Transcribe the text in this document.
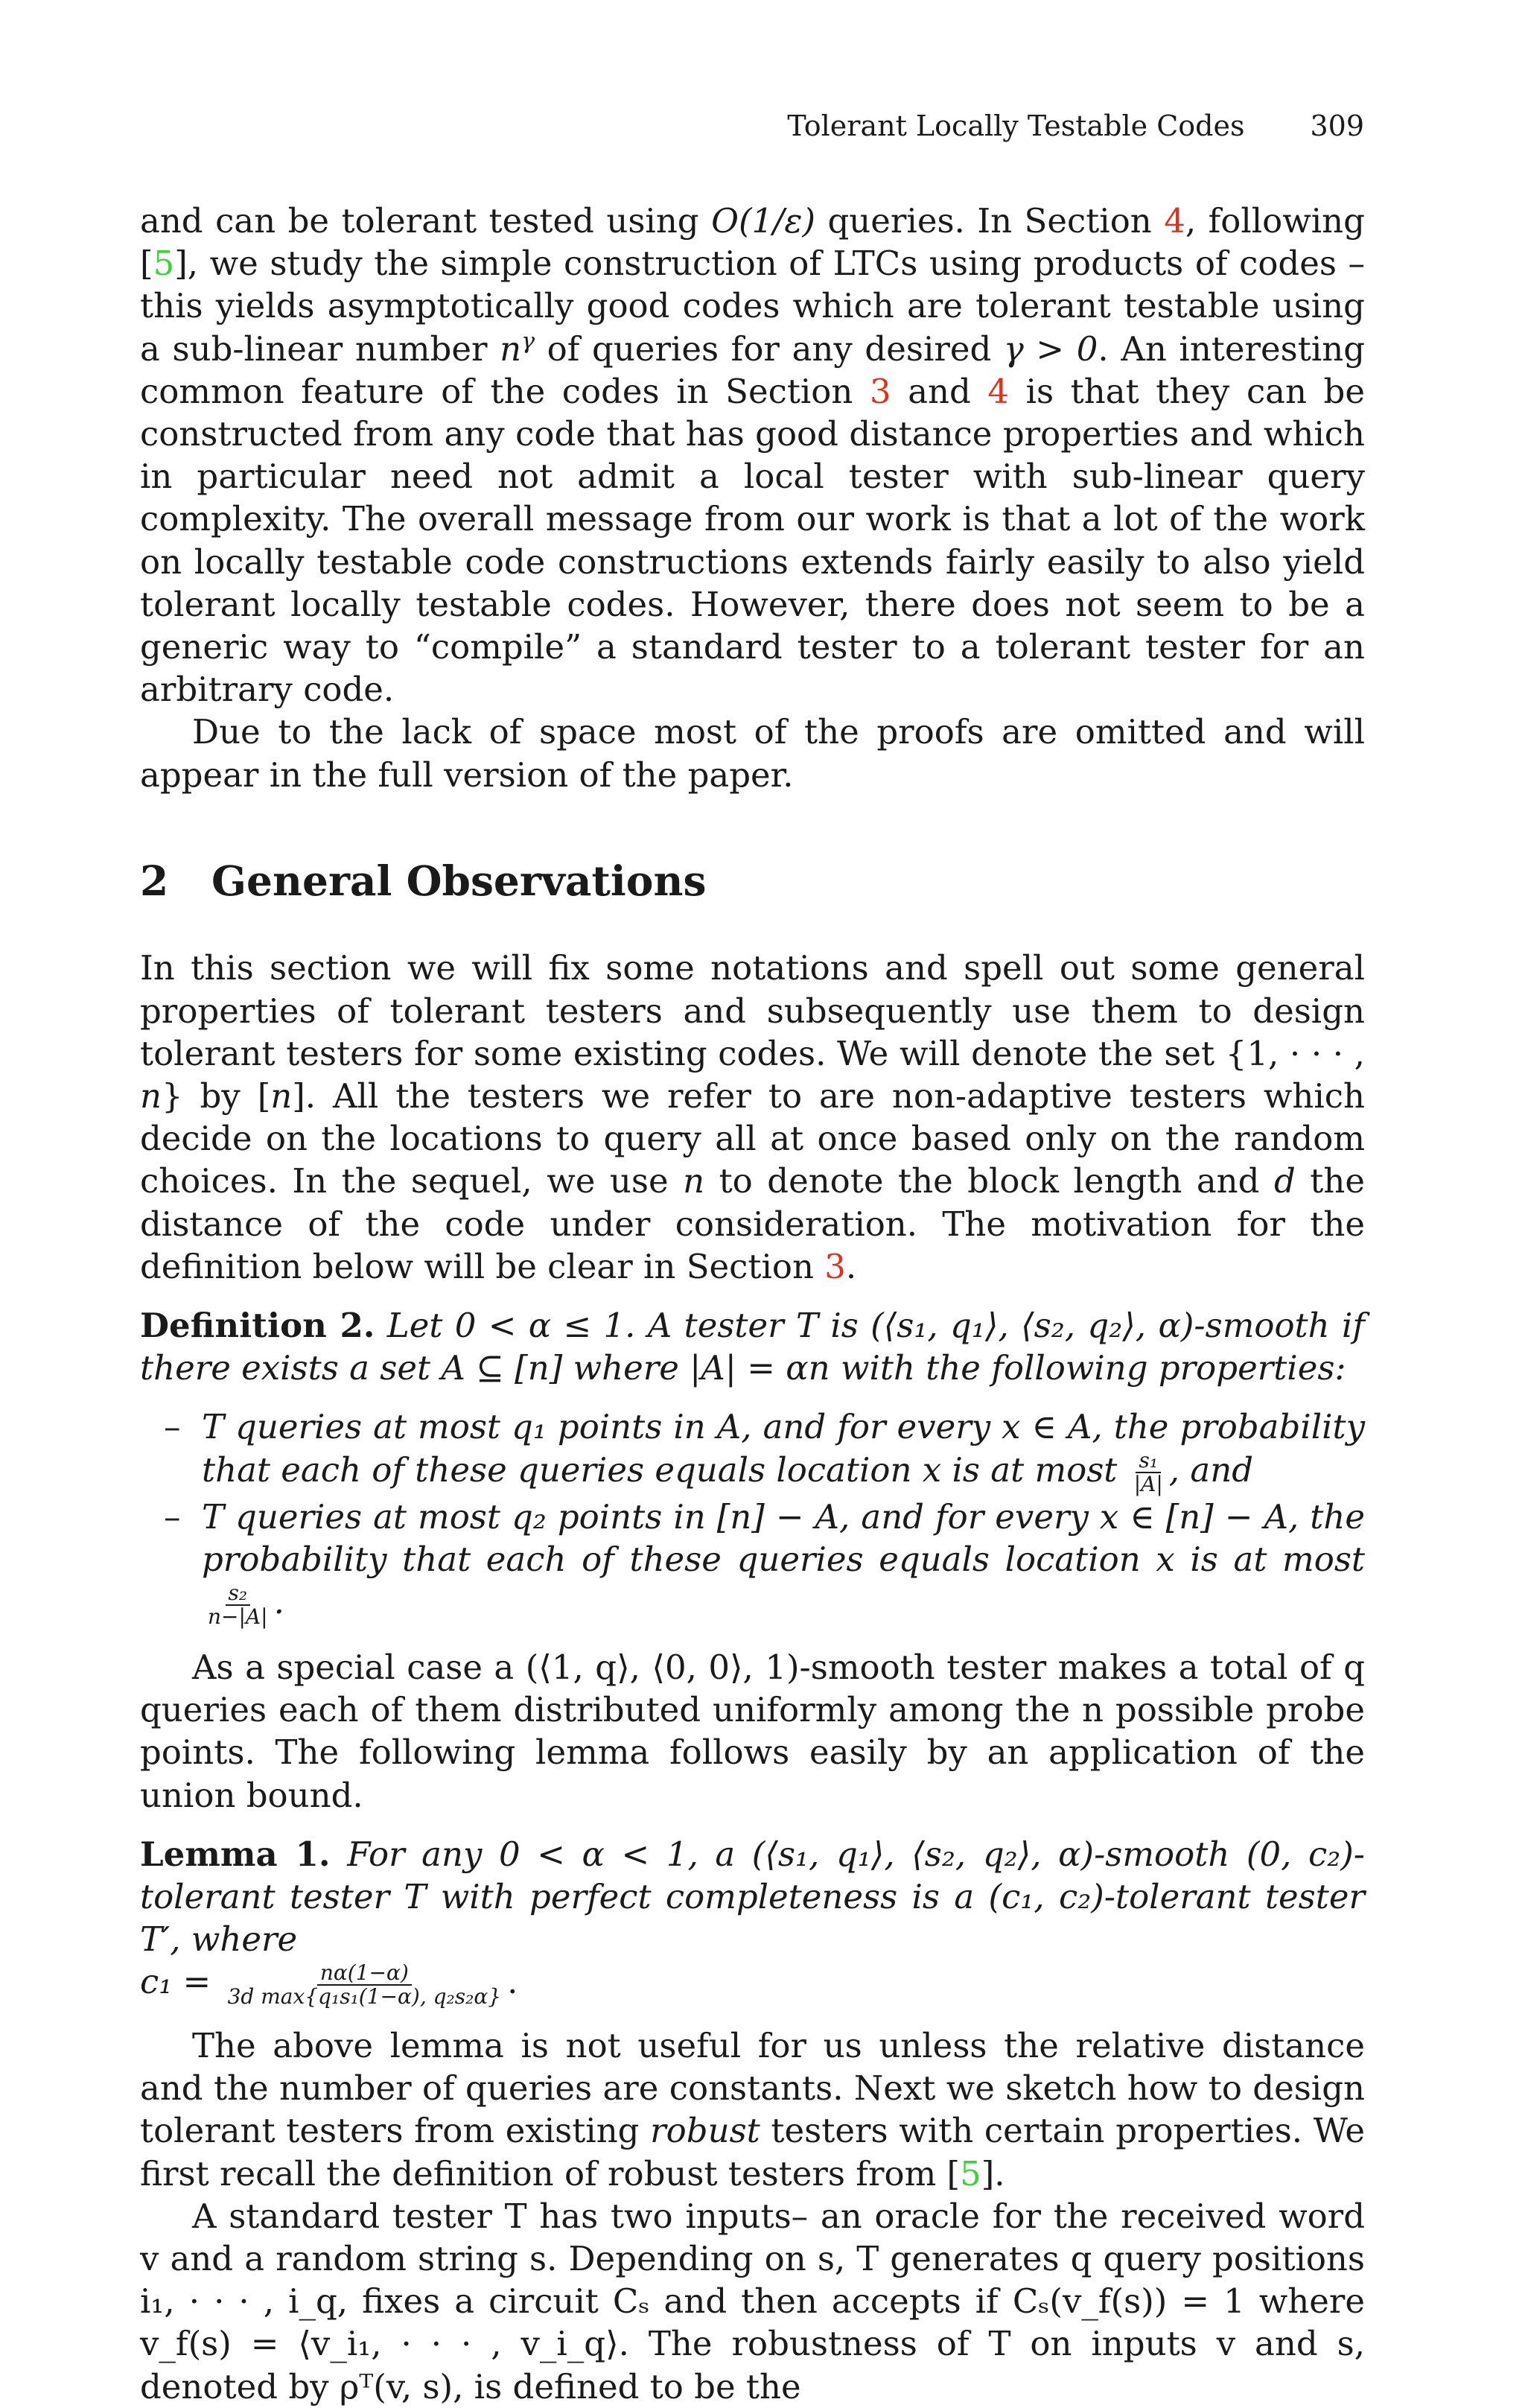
Tolerant Locally Testable Codes 309

and can be tolerant tested using O(1/ε) queries. In Section 4, following [5], we study the simple construction of LTCs using products of codes – this yields asymptotically good codes which are tolerant testable using a sub-linear number $n^\gamma$ of queries for any desired γ > 0. An interesting common feature of the codes in Section 3 and 4 is that they can be constructed from any code that has good distance properties and which in particular need not admit a local tester with sub-linear query complexity. The overall message from our work is that a lot of the work on locally testable code constructions extends fairly easily to also yield tolerant locally testable codes. However, there does not seem to be a generic way to “compile” a standard tester to a tolerant tester for an arbitrary code.

Due to the lack of space most of the proofs are omitted and will appear in the full version of the paper.

2 General Observations

In this section we will fix some notations and spell out some general properties of tolerant testers and subsequently use them to design tolerant testers for some existing codes. We will denote the set {1, · · · , n} by [n]. All the testers we refer to are non-adaptive testers which decide on the locations to query all at once based only on the random choices. In the sequel, we use n to denote the block length and d the distance of the code under consideration. The motivation for the definition below will be clear in Section 3.

Definition 2. Let 0 < α ≤ 1. A tester T is (⟨s₁, q₁⟩, ⟨s₂, q₂⟩, α)-smooth if there exists a set A ⊆ [n] where |A| = αn with the following properties:

– T queries at most q₁ points in A, and for every x ∈ A, the probability that each of these queries equals location x is at most $\frac{\text{s₁}}{|A|}$ , and
– T queries at most q₂ points in [n] − A, and for every x ∈ [n] − A, the probability that each of these queries equals location x is at most
$\frac{\text{s₂}}{n-|A|}$ .

As a special case a (⟨1, q⟩, ⟨0, 0⟩, 1)-smooth tester makes a total of q queries each of them distributed uniformly among the n possible probe points. The following lemma follows easily by an application of the union bound.

Lemma 1. For any 0 < α < 1, a (⟨s₁, q₁⟩, ⟨s₂, q₂⟩, α)-smooth (0, c₂)-tolerant tester T with perfect completeness is a (c₁, c₂)-tolerant tester T′, where
$c_1 = \frac{n\alpha(1-\alpha)}{\text{3d max\{q₁s₁(1−α), q₂s₂α\}}}$ .

The above lemma is not useful for us unless the relative distance and the number of queries are constants. Next we sketch how to design tolerant testers from existing robust testers with certain properties. We first recall the definition of robust testers from [5].

A standard tester T has two inputs– an oracle for the received word v and a random string s. Depending on s, T generates q query positions i₁, · · · , i_q, fixes a circuit Cₛ and then accepts if Cₛ(v_f(s)) = 1 where v_f(s) = ⟨v_i₁, · · · , v_i_q⟩. The robustness of T on inputs v and s, denoted by ρᵀ(v, s), is defined to be the
